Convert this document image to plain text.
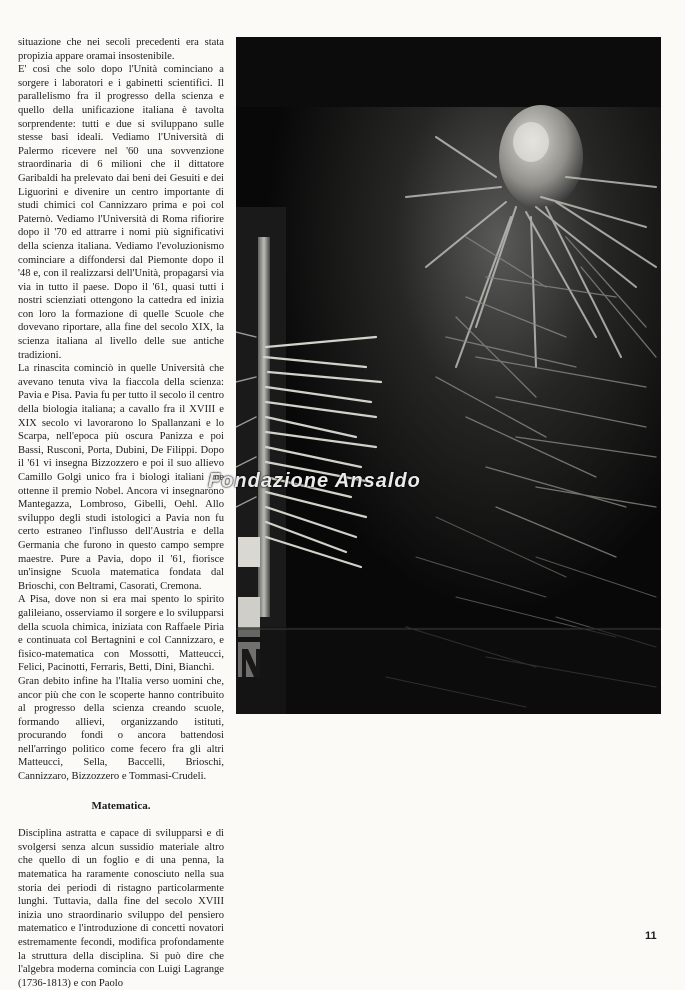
situazione che nei secoli precedenti era stata propizia appare oramai insostenibile.

E' così che solo dopo l'Unità cominciano a sorgere i laboratori e i gabinetti scientifici. Il parallelismo fra il progresso della scienza e quello della unificazione italiana è tavolta sorprendente: tutti e due si sviluppano sulle stesse basi ideali. Vediamo l'Università di Palermo ricevere nel '60 una sovvenzione straordinaria di 6 milioni che il dittatore Garibaldi ha prelevato dai beni dei Gesuiti e dei Liguorini e divenire un centro importante di studi chimici col Cannizzaro prima e poi col Paternò. Vediamo l'Università di Roma rifiorire dopo il '70 ed attrarre i nomi più significativi della scienza italiana. Vediamo l'evoluzionismo cominciare a diffondersi dal Piemonte dopo il '48 e, con il realizzarsi dell'Unità, propagarsi via via in tutto il paese. Dopo il '61, quasi tutti i nostri scienziati ottengono la cattedra ed inizia con loro la formazione di quelle Scuole che dovevano riportare, alla fine del secolo XIX, la scienza italiana al livello delle sue antiche tradizioni.

La rinascita cominciò in quelle Università che avevano tenuta viva la fiaccola della scienza: Pavia e Pisa. Pavia fu per tutto il secolo il centro della biologia italiana; a cavallo fra il XVIII e XIX secolo vi lavorarono lo Spallanzani e lo Scarpa, nell'epoca più oscura Panizza e poi Bassi, Rusconi, Porta, Dubini, De Filippi. Dopo il '61 vi insegna Bizzozzero e poi il suo allievo Camillo Golgi unico fra i biologi italiani che ottenne il premio Nobel. Ancora vi insegnarono Mantegazza, Lombroso, Gibelli, Oehl. Allo sviluppo degli studi istologici a Pavia non fu certo estraneo l'influsso dell'Austria e della Germania che furono in questo campo sempre maestre. Pure a Pavia, dopo il '61, fiorisce un'insigne Scuola matematica fondata dal Brioschi, con Beltrami, Casorati, Cremona.

A Pisa, dove non si era mai spento lo spirito galileiano, osserviamo il sorgere e lo svilupparsi della scuola chimica, iniziata con Raffaele Piria e continuata col Bertagnini e col Cannizzaro, e fisico-matematica con Mossotti, Matteucci, Felici, Pacinotti, Ferraris, Betti, Dini, Bianchi.

Gran debito infine ha l'Italia verso uomini che, ancor più che con le scoperte hanno contribuito al progresso della scienza creando scuole, formando allievi, organizzando istituti, procurando fondi o ancora battendosi nell'arringo politico come fecero fra gli altri Matteucci, Sella, Baccelli, Brioschi, Cannizzaro, Bizzozzero e Tommasi-Crudeli.

Matematica.

Disciplina astratta e capace di svilupparsi e di svolgersi senza alcun sussidio materiale altro che quello di un foglio e di una penna, la matematica ha raramente conosciuto nella sua storia dei periodi di ristagno particolarmente lunghi. Tuttavia, dalla fine del secolo XVIII inizia uno straordinario sviluppo del pensiero matematico e l'introduzione di concetti novatori estremamente fecondi, modifica profondamente la struttura della disciplina. Si può dire che l'algebra moderna comincia con Luigi Lagrange (1736-1813) e con Paolo

Fondazione Ansaldo
11
